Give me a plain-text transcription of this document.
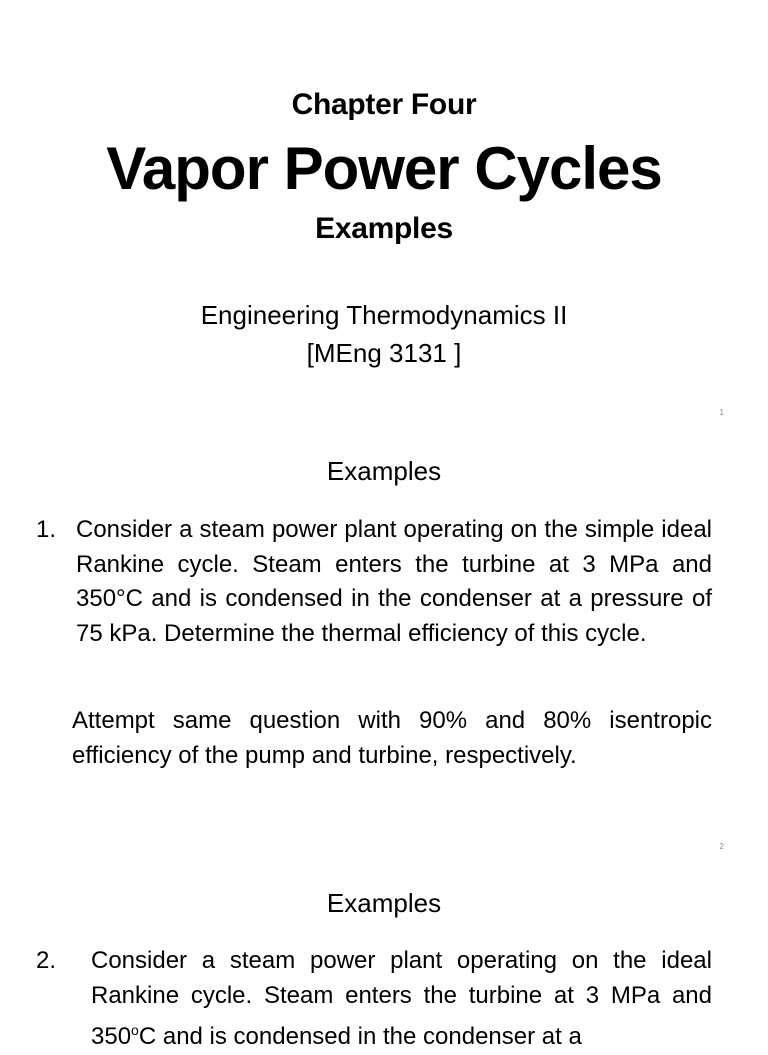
Chapter Four
Vapor Power Cycles
Examples
Engineering Thermodynamics II
[MEng 3131 ]
1
Examples
1. Consider a steam power plant operating on the simple ideal Rankine cycle. Steam enters the turbine at 3 MPa and 350°C and is condensed in the condenser at a pressure of 75 kPa. Determine the thermal efficiency of this cycle.
Attempt same question with 90% and 80% isentropic efficiency of the pump and turbine, respectively.
2
Examples
2.	Consider a steam power plant operating on the ideal Rankine cycle. Steam enters the turbine at 3 MPa and 350$^o$C and is condensed in the condenser at a
